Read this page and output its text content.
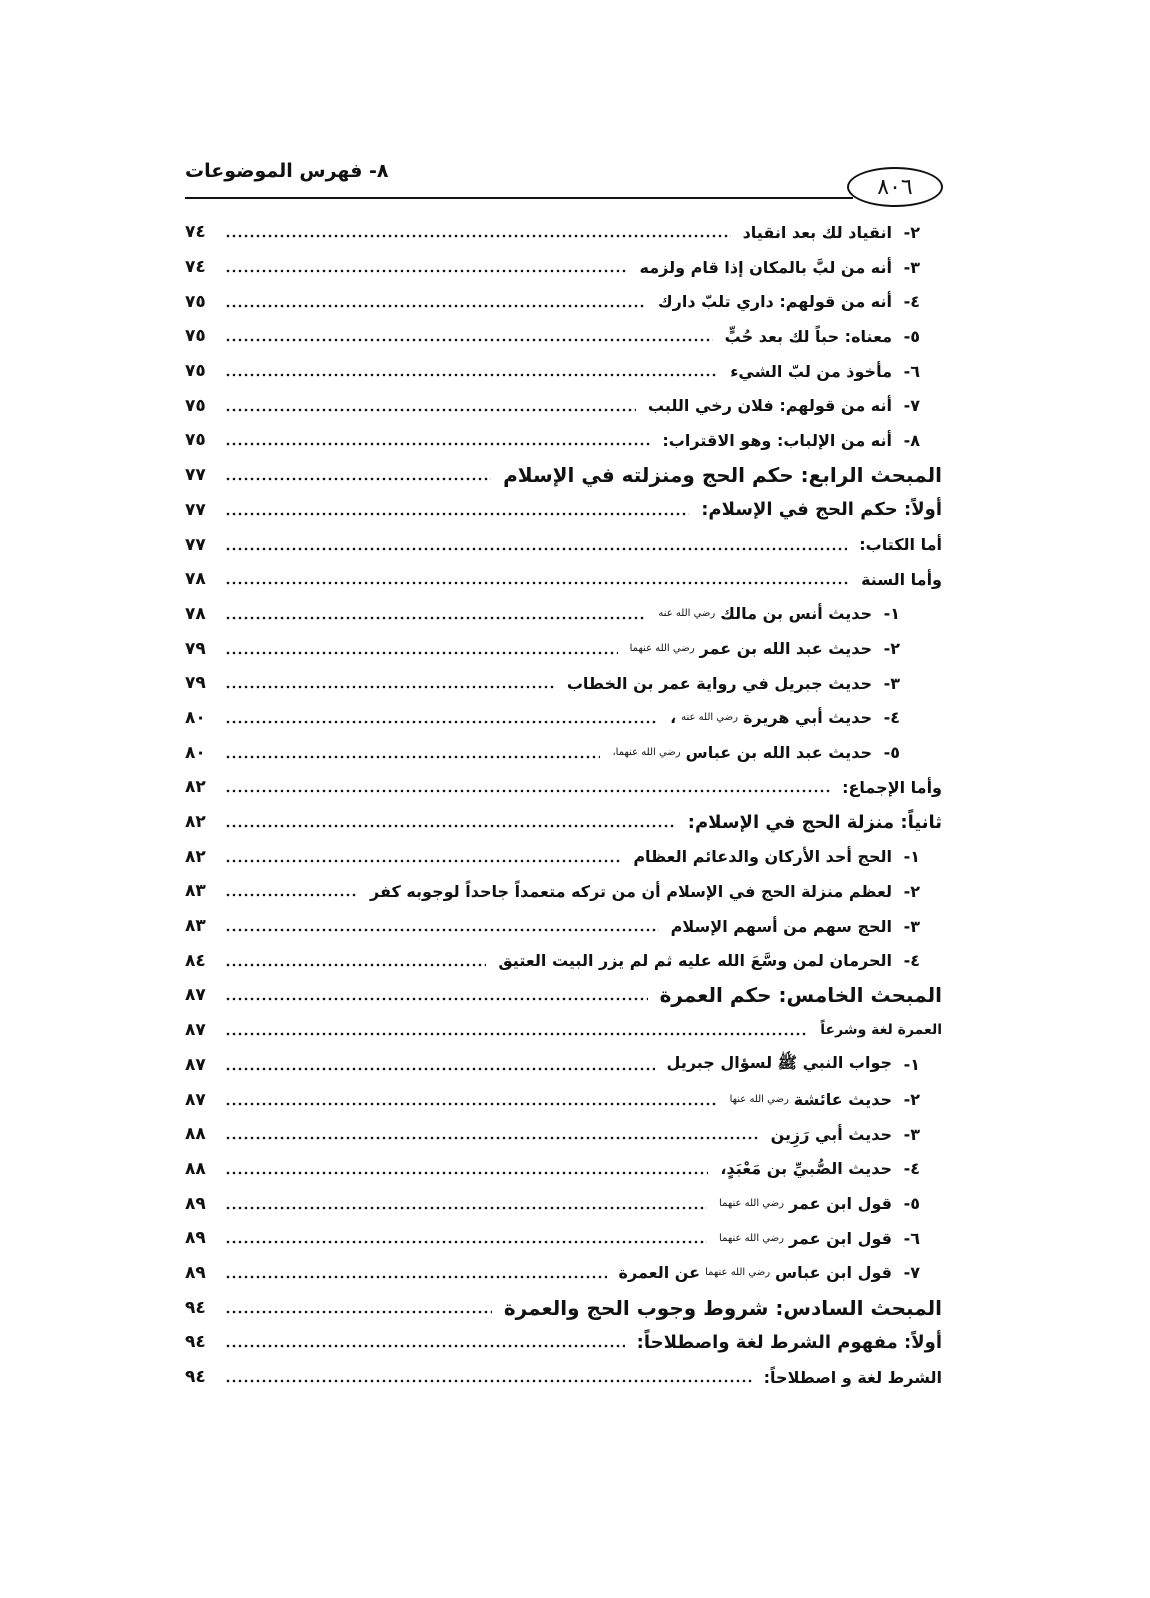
٨- فهرس الموضوعات
٨٠٦
٢-
انقياد لك بعد انقياد
٧٤
٣-
أنه من لبَّ بالمكان إذا قام ولزمه
٧٤
٤-
أنه من قولهم: داري تلبّ دارك
٧٥
٥-
معناه: حباً لك بعد حُبٍّ
٧٥
٦-
مأخوذ من لبّ الشيء
٧٥
٧-
أنه من قولهم: فلان رخي اللبب
٧٥
٨-
أنه من الإلباب: وهو الاقتراب:
٧٥
المبحث الرابع: حكم الحج ومنزلته في الإسلام
٧٧
أولاً: حكم الحج في الإسلام:
٧٧
أما الكتاب:
٧٧
وأما السنة
٧٨
١-
حديث أنس بن مالك
رضي الله عنه
٧٨
٢-
حديث عبد الله بن عمر
رضي الله عنهما
٧٩
٣-
حديث جبريل في رواية عمر بن الخطاب
٧٩
٤-
حديث أبي هريرة
رضي الله عنه
،
٨٠
٥-
حديث عبد الله بن عباس
رضي الله عنهما،
٨٠
وأما الإجماع:
٨٢
ثانياً: منزلة الحج في الإسلام:
٨٢
١-
الحج أحد الأركان والدعائم العظام
٨٢
٢-
لعظم منزلة الحج في الإسلام أن من تركه متعمداً جاحداً لوجوبه كفر
٨٣
٣-
الحج سهم من أسهم الإسلام
٨٣
٤-
الحرمان لمن وسَّعَ الله عليه ثم لم يزر البيت العتيق
٨٤
المبحث الخامس: حكم العمرة
٨٧
العمرة لغة وشرعاً
٨٧
١-
جواب النبي ﷺ لسؤال جبريل
٨٧
٢-
حديث عائشة
رضي الله عنها
٨٧
٣-
حديث أبي رَزِين
٨٨
٤-
حديث الصُّبيِّ بن مَعْبَدٍ،
٨٨
٥-
قول ابن عمر
رضي الله عنهما
٨٩
٦-
قول ابن عمر
رضي الله عنهما
٨٩
٧-
قول ابن عباس
رضي الله عنهما
عن العمرة
٨٩
المبحث السادس: شروط وجوب الحج والعمرة
٩٤
أولاً: مفهوم الشرط لغة واصطلاحاً:
٩٤
الشرط لغة و اصطلاحاً:
٩٤
